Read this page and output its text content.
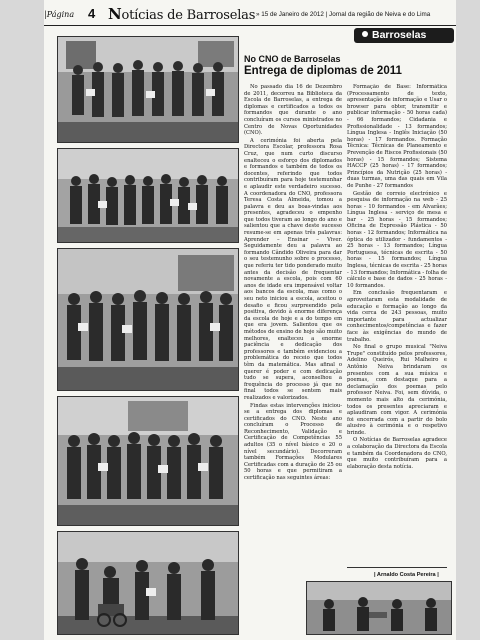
|Página 4 Notícias de Barroselas » 15 de Janeiro de 2012 | Jornal da região de Neiva e do Lima
Barroselas
No CNO de Barroselas
Entrega de diplomas de 2011

No passado dia 16 de Dezembro de 2011, decorreu na Biblioteca da Escola de Barroselas, a entrega de diplomas e certificados a todos os formandos que durante o ano concluíram os cursos ministrados no Centro de Novas Oportunidades (CNO).

A cerimónia foi aberta pela Directora Escolar, professora Rosa Cruz, que num curto discurso enalteceu o esforço dos diplomados e formandos e também de todos os docentes, referindo que todos contribuíram para hoje testemunhar e aplaudir este verdadeiro sucesso. A coordenadora do CNO, professora Teresa Costa Almeida, tomou a palavra e deu as boas-vindas aos presentes, agradeceu o empenho que todos tiveram ao longo do ano e salientou que a chave deste sucesso resume-se em apenas três palavras: Aprender – Ensinar – Viver. Seguidamente deu a palavra ao formando Cândido Oliveira para dar o seu testemunho sobre o processo, que referiu ter tido ponderado muito antes da decisão de frequentar novamente a escola, pois com 60 anos de idade era impensável voltar aos bancos da escola, mas como o seu neto iniciou a escola, aceitou o desafio e ficou surpreendido pela positiva, devido à enorme diferença da escola de hoje e a do tempo em que era jovem. Salientou que os métodos de ensino de hoje são muito melhores, enalteceu a enorme paciência e dedicação dos professores e também evidenciou a problemática do receio que todos têm da matemática. Mas afinal o querer é poder e com dedicação tudo se supera, aconselhou a frequência do processo já que no final todos se sentem mais realizados e valorizados.

Findas estas intervenções iniciou-se a entrega dos diplomas e certificados do CNO. Neste ano concluíram o Processo de Reconhecimento, Validação e Certificação de Competências 55 adultos (35 o nível básico e 20 o nível secundário). Decorreram também Formações Modulares Certificadas com a duração de 25 ou 50 horas e que permitiram a certificação nas seguintes áreas:

Formação de Base: Informática (Processamento de texto, apresentação de informação e Usar o browser para obter, transmitir e publicar informação - 50 horas cada) - 66 formandos; Cidadania e Profissionalidade - 13 formandos; Língua Inglesa - Inglês Iniciação (50 horas) - 17 formandos. Formação Técnica: Técnicas de Planeamento e Prevenção de Riscos Profissionais (50 horas) - 15 formandos; Sistema HACCP (25 horas) - 17 formandos; Princípios da Nutrição (25 horas) - duas turmas, uma das quais em Vila de Punhe - 27 formandos

Gestão de correio electrónico e pesquisa de informação na web - 25 horas - 10 formandos - em Alvarães; Língua Inglesa - serviço de mesa e bar - 25 horas - 15 formandos; Oficina de Expressão Plástica - 50 horas - 12 formandos; Informática na óptica do utilizador - fundamentos - 25 horas - 13 formandos; Língua Portuguesa, técnicas de escrita - 50 horas - 15 formandos; Língua Inglesa, técnicas de escrita - 25 horas - 13 formandos; Informática - folha de cálculo e base de dados - 25 horas - 10 formandos.

Em conclusão frequentaram e aproveitaram esta modalidade de educação e formação ao longo da vida cerca de 243 pessoas, muito importante para actualizar conhecimentos/competências e fazer face às exigências do mundo de trabalho.

No final o grupo musical "Neiva Trupe" constituído pelos professores, Adelino Queirós, Rui Malheiro e Antônio Neiva brindaram os presentes com a sua música e poemas, com destaque para a declamação dos poemas pelo professor Neiva. Foi, sem dúvida, o momento mais alto da cerimónia, todos os presentes apreciaram e aplaudiram com vigor. A cerimónia foi encerrada com a partir do bolo alusivo à cerimónia e o respetivo brinde.

O Notícias de Barroselas agradece a colaboração da Directora da Escola e também da Coordenadora do CNO, que muito contribuíram para a elaboração desta notícia.

| Arnaldo Costa Pereira |
